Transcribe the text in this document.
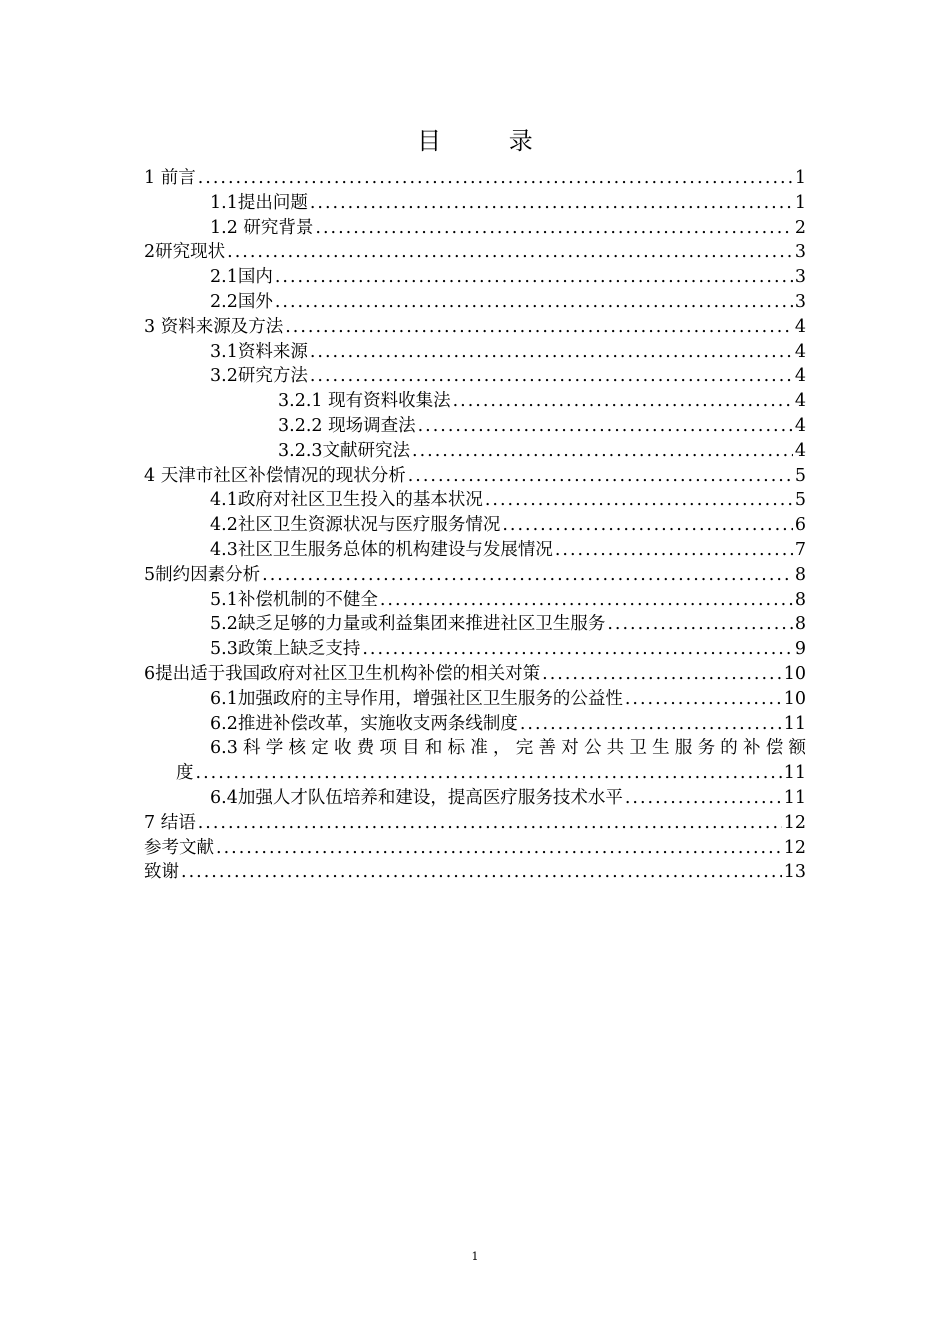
目 录
1 前言 .....	1
1.1提出问题 .....	1
1.2 研究背景 .....	2
2研究现状 .....	3
2.1国内 .....	3
2.2国外 .....	3
3 资料来源及方法 .....	4
3.1资料来源 .....	4
3.2研究方法 .....	4
3.2.1 现有资料收集法 .....	4
3.2.2 现场调查法 .....	4
3.2.3文献研究法 .....	4
4 天津市社区补偿情况的现状分析 .....	5
4.1政府对社区卫生投入的基本状况 .....	5
4.2社区卫生资源状况与医疗服务情况 .....	6
4.3社区卫生服务总体的机构建设与发展情况 .....	7
5制约因素分析 .....	8
5.1补偿机制的不健全 .....	8
5.2缺乏足够的力量或利益集团来推进社区卫生服务 .....	8
5.3政策上缺乏支持 .....	9
6提出适于我国政府对社区卫生机构补偿的相关对策 .....	10
6.1加强政府的主导作用，增强社区卫生服务的公益性 .....	10
6.2推进补偿改革，实施收支两条线制度 .....	11
6.3科学核定收费项目和标准，完善对公共卫生服务的补偿额
度 .....	11
6.4加强人才队伍培养和建设，提高医疗服务技术水平 .....	11
7 结语 .....	12
参考文献 .....	12
致谢 .....	13
1
